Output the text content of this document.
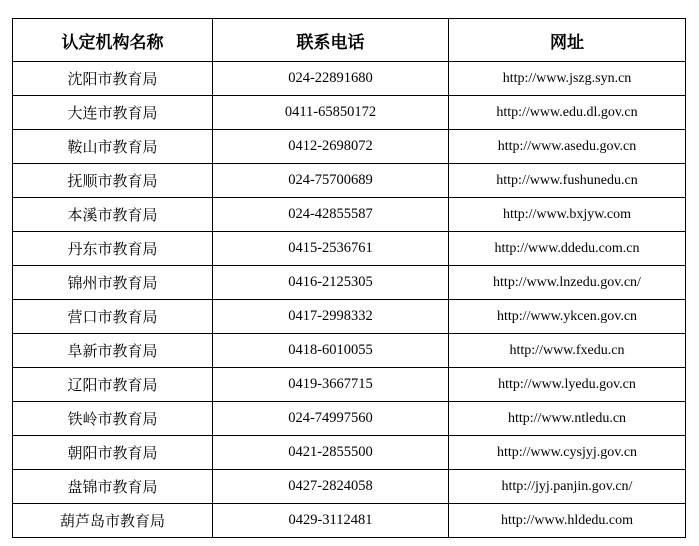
认定机构名称	联系电话	网址
沈阳市教育局	024-22891680	http://www.jszg.syn.cn
大连市教育局	0411-65850172	http://www.edu.dl.gov.cn
鞍山市教育局	0412-2698072	http://www.asedu.gov.cn
抚顺市教育局	024-75700689	http://www.fushunedu.cn
本溪市教育局	024-42855587	http://www.bxjyw.com
丹东市教育局	0415-2536761	http://www.ddedu.com.cn
锦州市教育局	0416-2125305	http://www.lnzedu.gov.cn/
营口市教育局	0417-2998332	http://www.ykcen.gov.cn
阜新市教育局	0418-6010055	http://www.fxedu.cn
辽阳市教育局	0419-3667715	http://www.lyedu.gov.cn
铁岭市教育局	024-74997560	http://www.ntledu.cn
朝阳市教育局	0421-2855500	http://www.cysjyj.gov.cn
盘锦市教育局	0427-2824058	http://jyj.panjin.gov.cn/
葫芦岛市教育局	0429-3112481	http://www.hldedu.com
